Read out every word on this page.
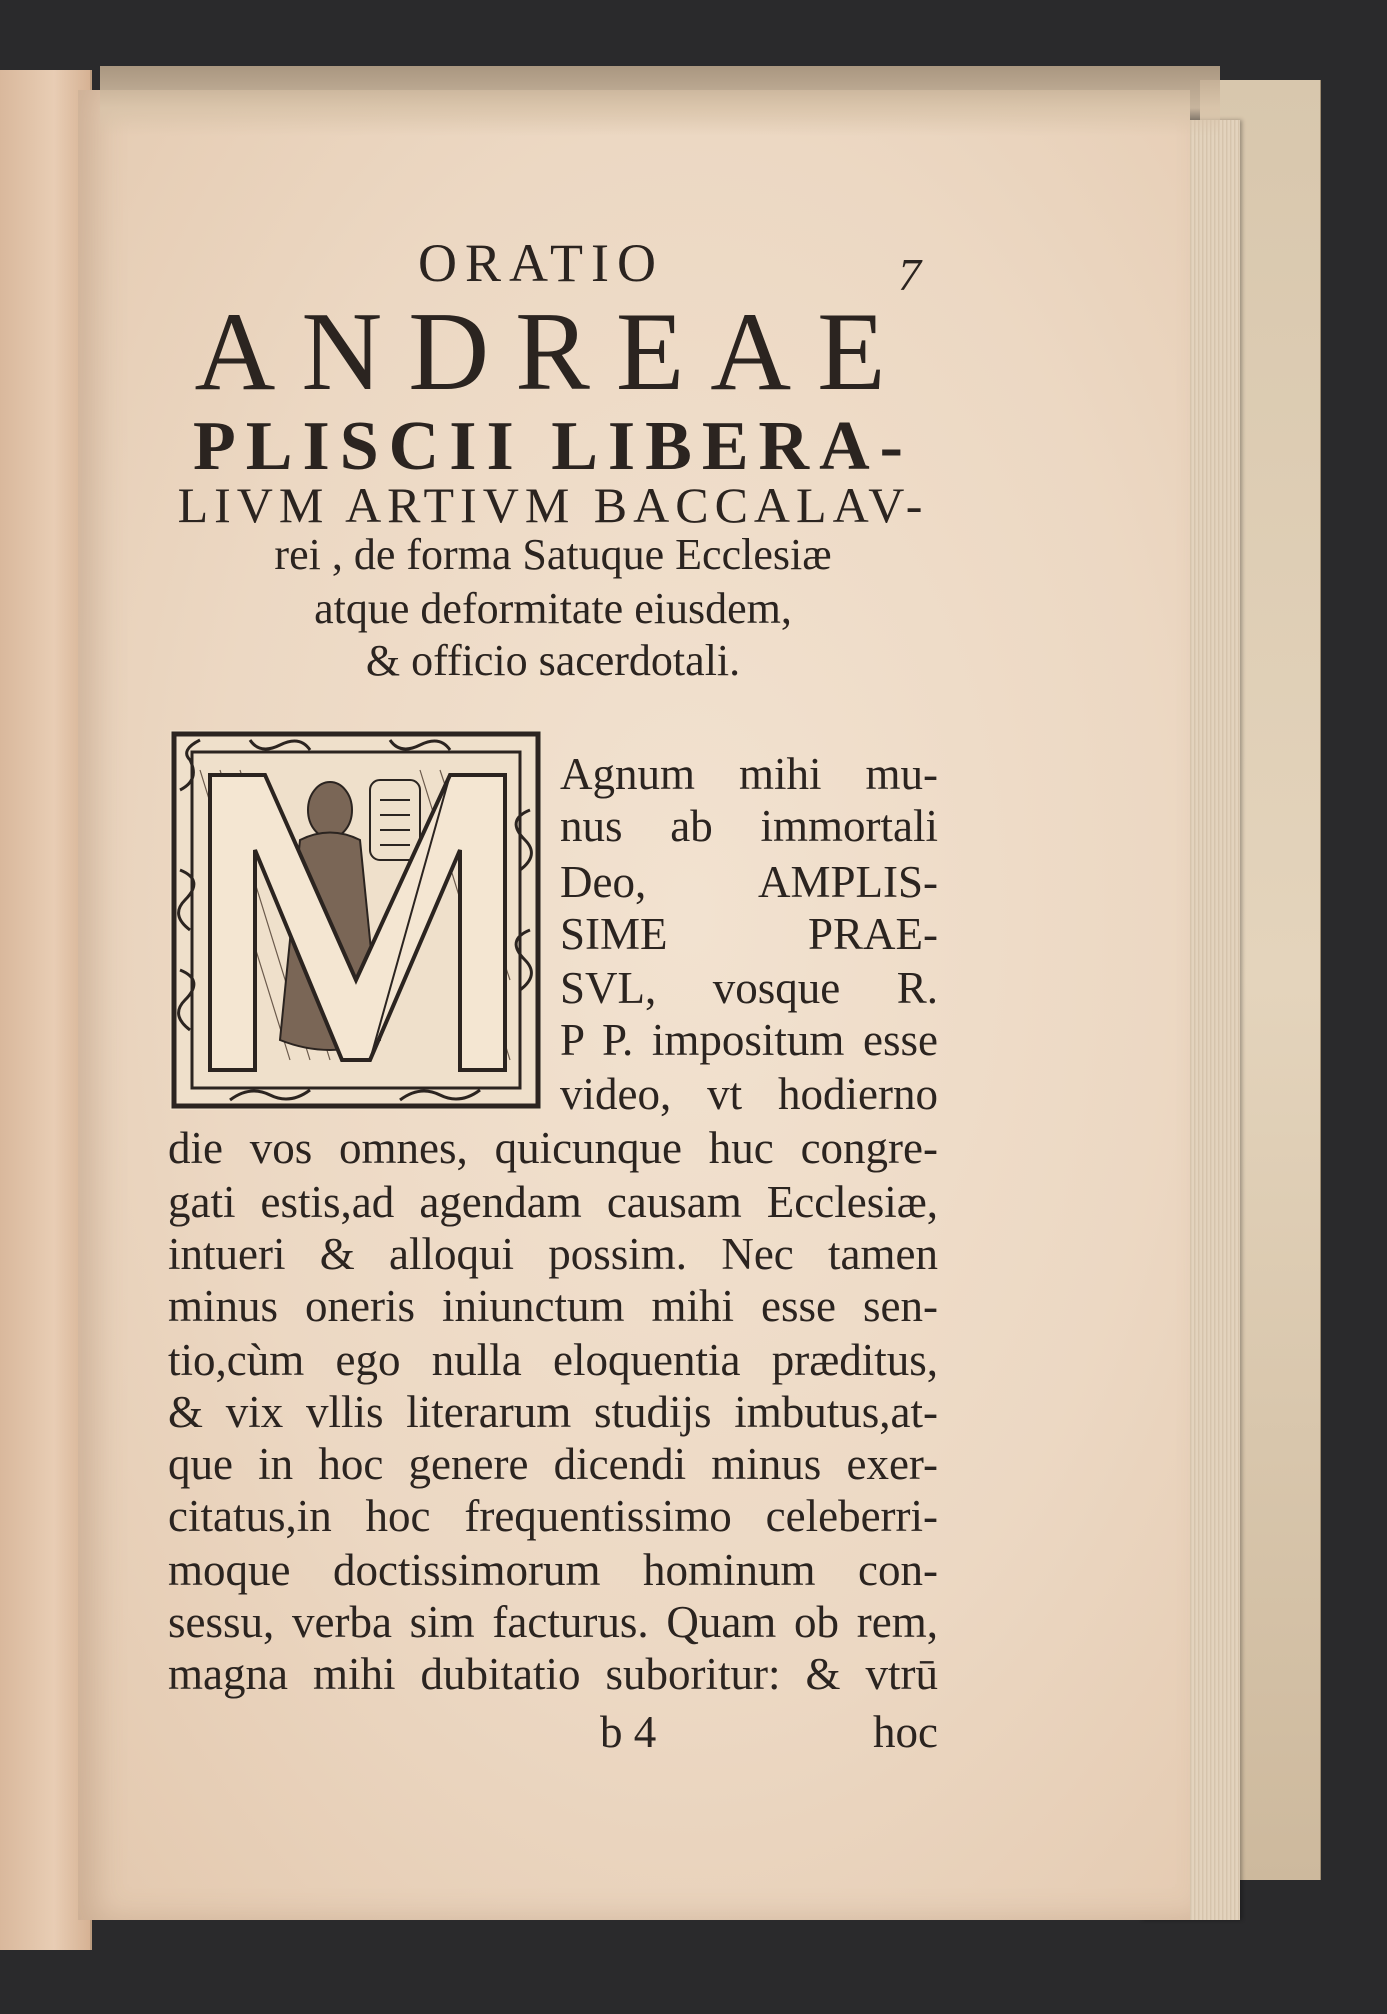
ORATIO	7
ANDREAE
PLISCII LIBERA-
LIVM ARTIVM BACCALAV-
rei , de forma Satuque Ecclesiæ
atque deformitate eiusdem,
& officio sacerdotali.
Agnum mihi mu-
nus ab immortali
Deo, AMPLIS-
SIME PRAE-
SVL, vosque R.
P P. impositum esse
video, vt hodierno
die vos omnes, quicunque huc congre-
gati estis,ad agendam causam Ecclesiæ,
intueri & alloqui possim. Nec tamen
minus oneris iniunctum mihi esse sen-
tio,cùm ego nulla eloquentia præditus,
& vix vllis literarum studijs imbutus,at-
que in hoc genere dicendi minus exer-
citatus,in hoc frequentissimo celeberri-
moque doctissimorum hominum con-
sessu, verba sim facturus. Quam ob rem,
magna mihi dubitatio suboritur: & vtrū
b 4	hoc
